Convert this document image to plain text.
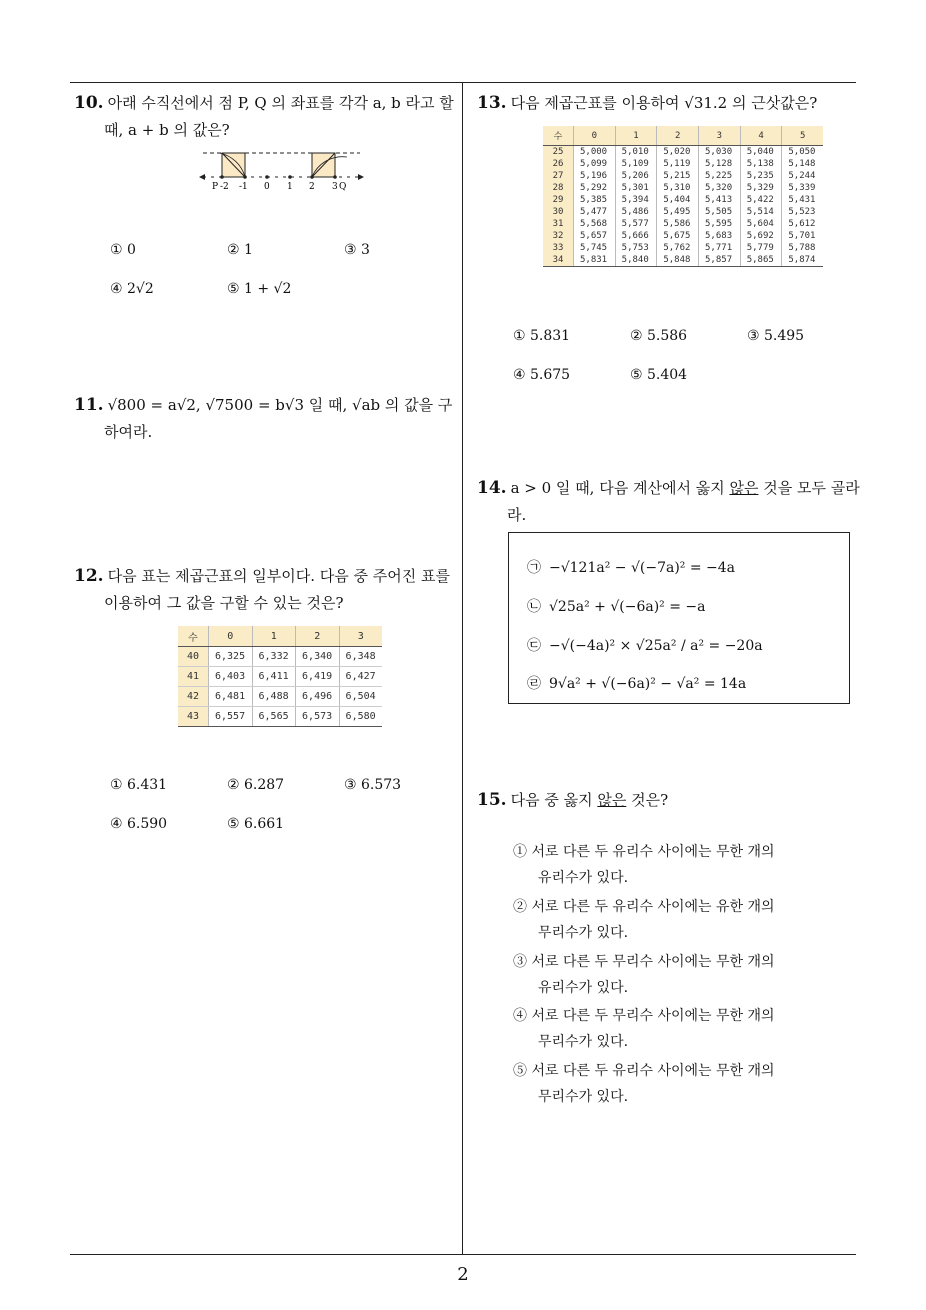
10. 아래 수직선에서 점 P, Q 의 좌표를 각각 a, b 라고 할
때, a + b 의 값은?
P -2 -1 0 1 2 3 Q
① 0	② 1	③ 3
④ 2√2	⑤ 1 + √2
11. √800 = a√2, √7500 = b√3 일 때, √ab 의 값을 구
하여라.
12. 다음 표는 제곱근표의 일부이다. 다음 중 주어진 표를
이용하여 그 값을 구할 수 있는 것은?
수	0	1	2	3
40	6,325	6,332	6,340	6,348
41	6,403	6,411	6,419	6,427
42	6,481	6,488	6,496	6,504
43	6,557	6,565	6,573	6,580
① 6.431	② 6.287	③ 6.573
④ 6.590	⑤ 6.661
13. 다음 제곱근표를 이용하여 √31.2 의 근삿값은?
수	0	1	2	3	4	5
25	5,000	5,010	5,020	5,030	5,040	5,050
26	5,099	5,109	5,119	5,128	5,138	5,148
27	5,196	5,206	5,215	5,225	5,235	5,244
28	5,292	5,301	5,310	5,320	5,329	5,339
29	5,385	5,394	5,404	5,413	5,422	5,431
30	5,477	5,486	5,495	5,505	5,514	5,523
31	5,568	5,577	5,586	5,595	5,604	5,612
32	5,657	5,666	5,675	5,683	5,692	5,701
33	5,745	5,753	5,762	5,771	5,779	5,788
34	5,831	5,840	5,848	5,857	5,865	5,874
① 5.831	② 5.586	③ 5.495
④ 5.675	⑤ 5.404
14. a > 0 일 때, 다음 계산에서 옳지 않은 것을 모두 골라
라.
㉠ −√121a² − √(−7a)² = −4a
㉡ √25a² + √(−6a)² = −a
㉢ −√(−4a)² × √25a² / a² = −20a
㉣ 9√a² + √(−6a)² − √a² = 14a
15. 다음 중 옳지 않은 것은?
① 서로 다른 두 유리수 사이에는 무한 개의
유리수가 있다.
② 서로 다른 두 유리수 사이에는 유한 개의
무리수가 있다.
③ 서로 다른 두 무리수 사이에는 무한 개의
유리수가 있다.
④ 서로 다른 두 무리수 사이에는 무한 개의
무리수가 있다.
⑤ 서로 다른 두 유리수 사이에는 무한 개의
무리수가 있다.
2
